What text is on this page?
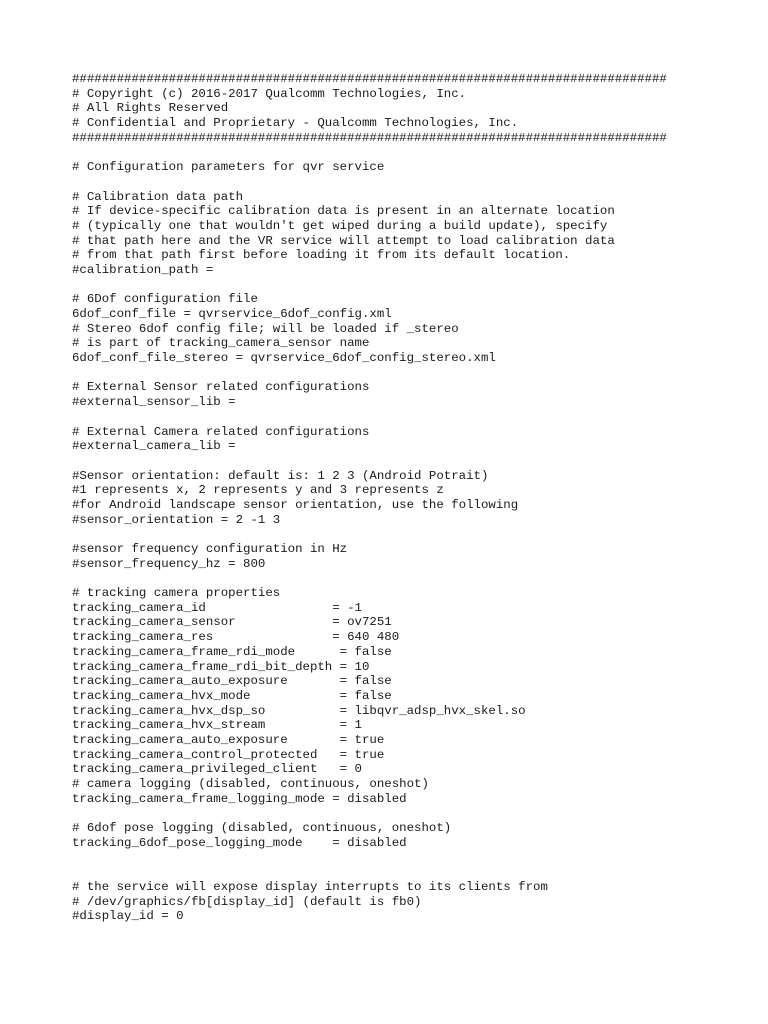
################################################################################
# Copyright (c) 2016-2017 Qualcomm Technologies, Inc.
# All Rights Reserved
# Confidential and Proprietary - Qualcomm Technologies, Inc.
################################################################################
# Configuration parameters for qvr service
# Calibration data path
# If device-specific calibration data is present in an alternate location
# (typically one that wouldn't get wiped during a build update), specify
# that path here and the VR service will attempt to load calibration data
# from that path first before loading it from its default location.
#calibration_path =
# 6Dof configuration file
6dof_conf_file = qvrservice_6dof_config.xml
# Stereo 6dof config file; will be loaded if _stereo
# is part of tracking_camera_sensor name
6dof_conf_file_stereo = qvrservice_6dof_config_stereo.xml
# External Sensor related configurations
#external_sensor_lib =
# External Camera related configurations
#external_camera_lib =
#Sensor orientation: default is: 1 2 3 (Android Potrait)
#1 represents x, 2 represents y and 3 represents z
#for Android landscape sensor orientation, use the following
#sensor_orientation = 2 -1 3
#sensor frequency configuration in Hz
#sensor_frequency_hz = 800
# tracking camera properties
tracking_camera_id                 = -1
tracking_camera_sensor             = ov7251
tracking_camera_res                = 640 480
tracking_camera_frame_rdi_mode      = false
tracking_camera_frame_rdi_bit_depth = 10
tracking_camera_auto_exposure       = false
tracking_camera_hvx_mode            = false
tracking_camera_hvx_dsp_so          = libqvr_adsp_hvx_skel.so
tracking_camera_hvx_stream          = 1
tracking_camera_auto_exposure       = true
tracking_camera_control_protected   = true
tracking_camera_privileged_client   = 0
# camera logging (disabled, continuous, oneshot)
tracking_camera_frame_logging_mode = disabled
# 6dof pose logging (disabled, continuous, oneshot)
tracking_6dof_pose_logging_mode    = disabled
# the service will expose display interrupts to its clients from
# /dev/graphics/fb[display_id] (default is fb0)
#display_id = 0
